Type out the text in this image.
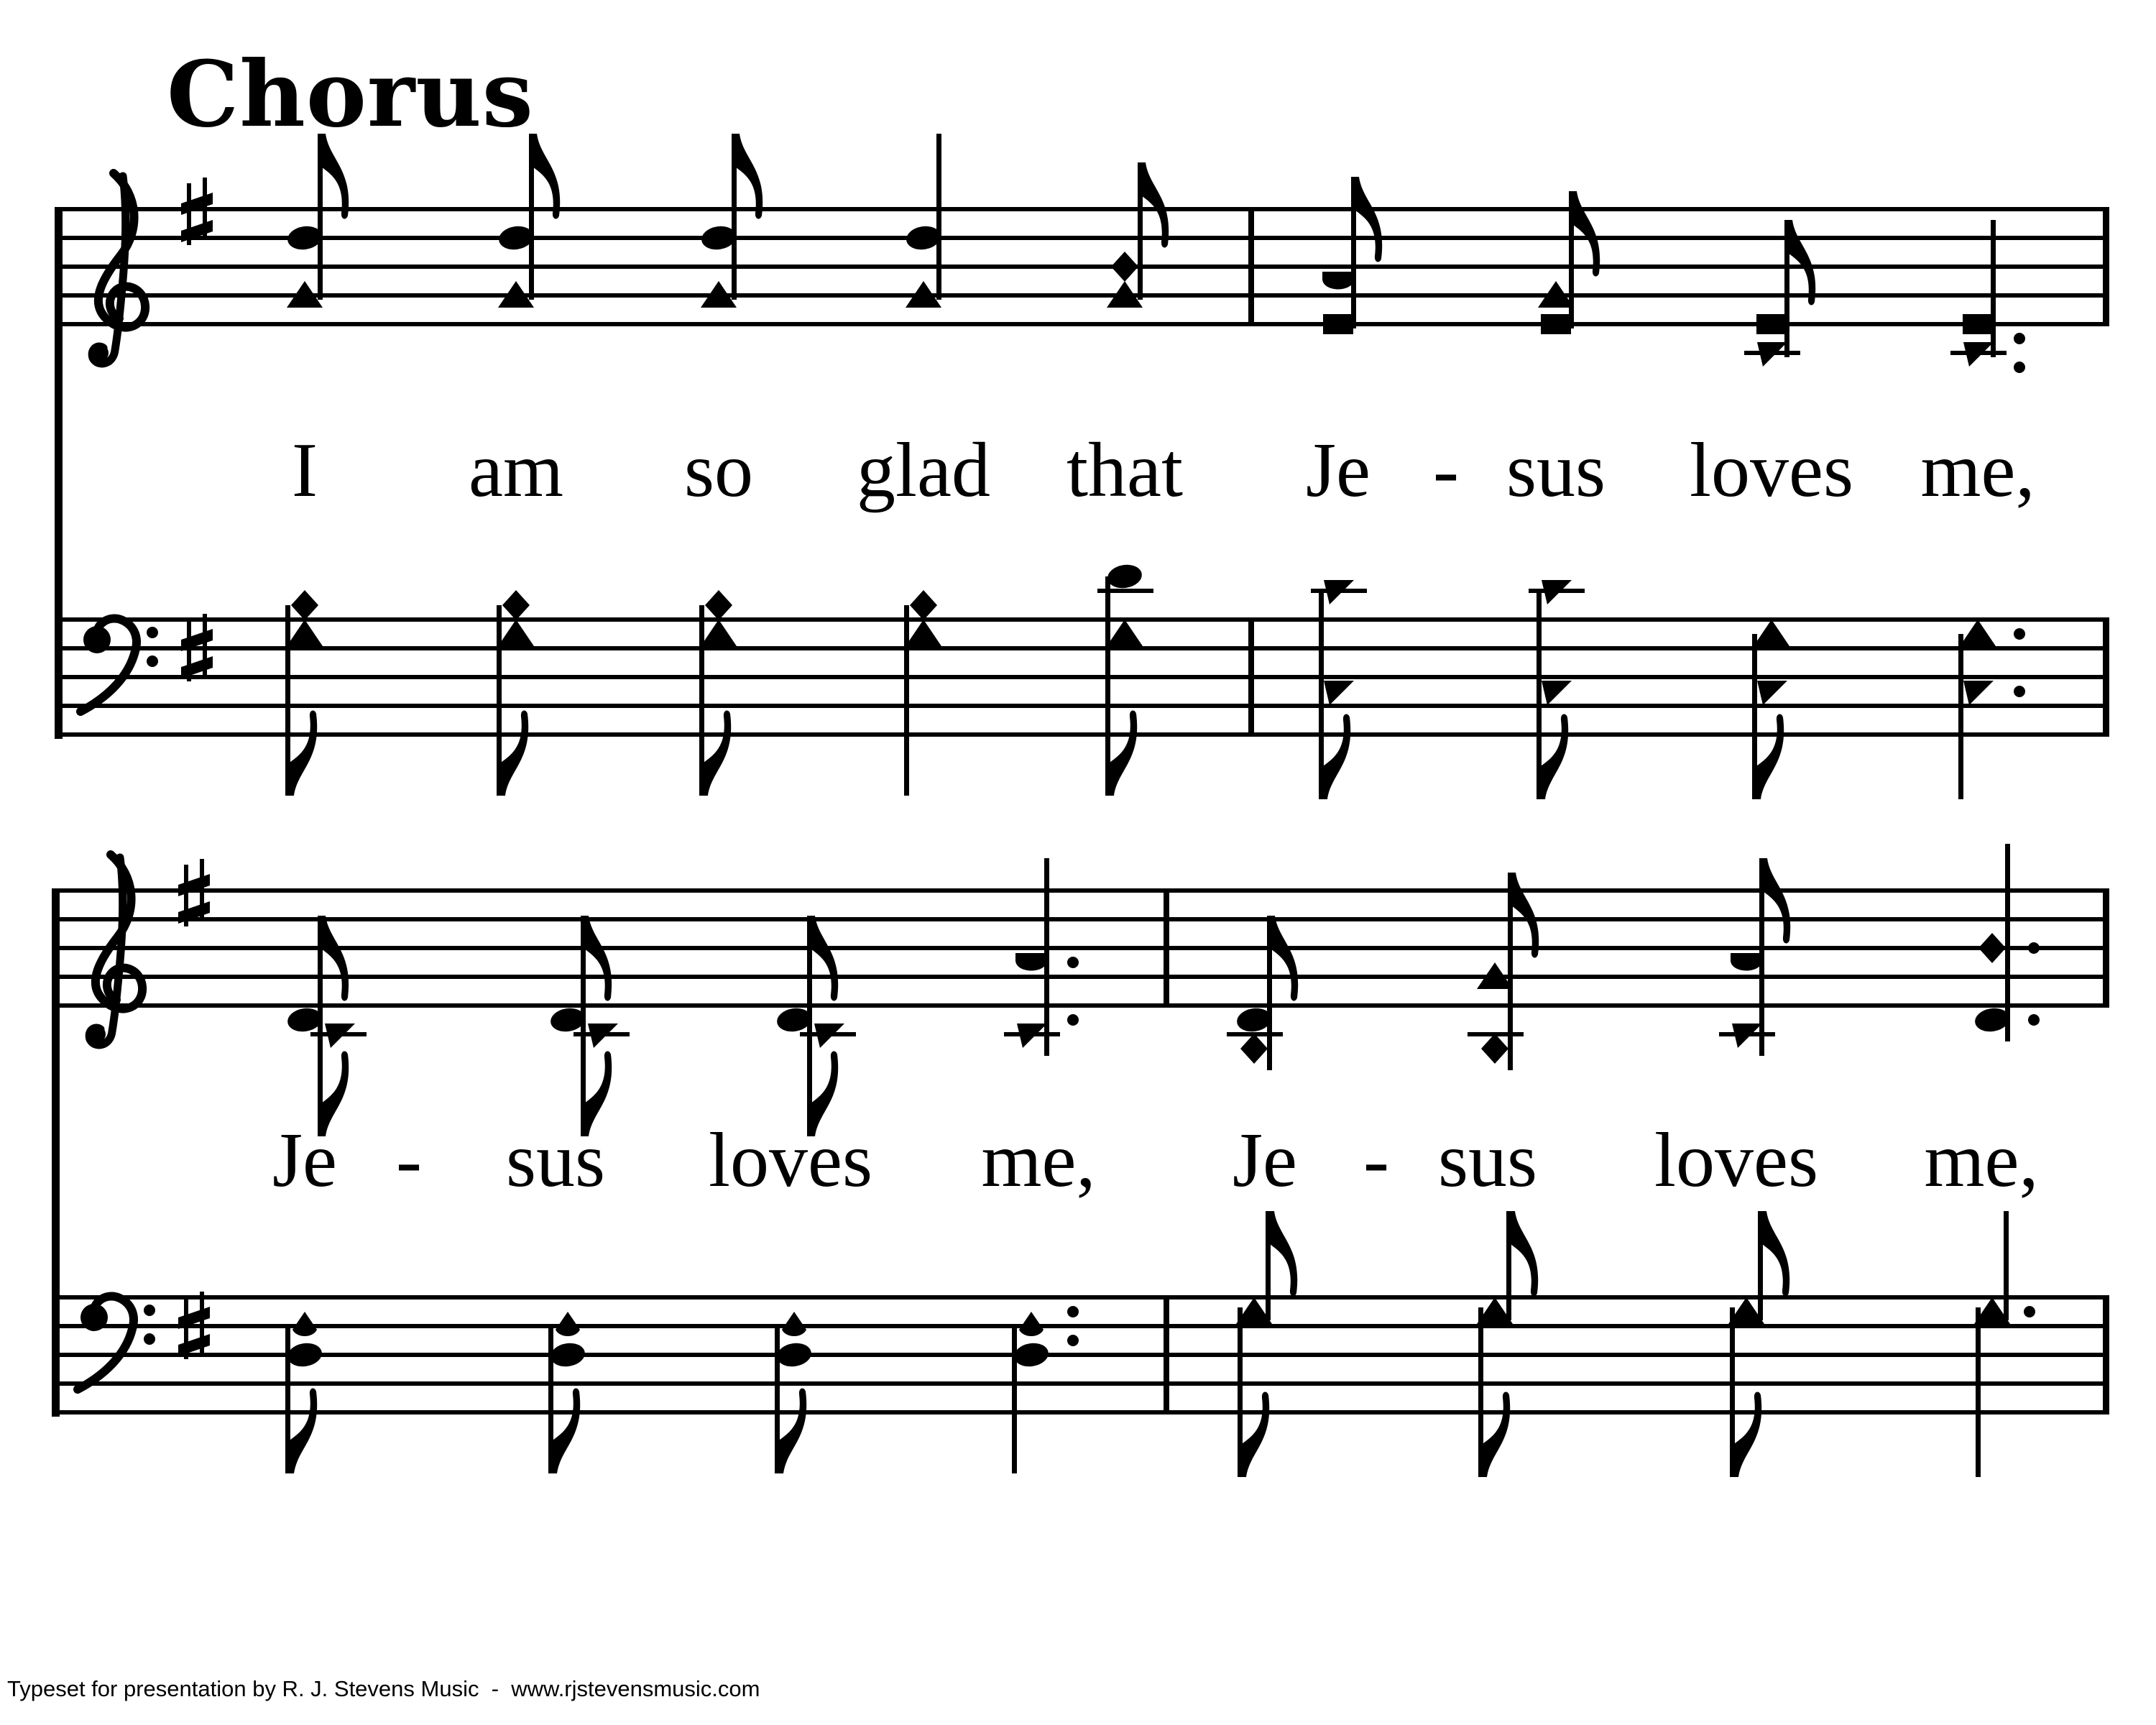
I am so glad that Je - sus loves me,
Je - sus loves me, Je - sus loves me,
Chorus
Typeset for presentation by R. J. Stevens Music  -  www.rjstevensmusic.com
